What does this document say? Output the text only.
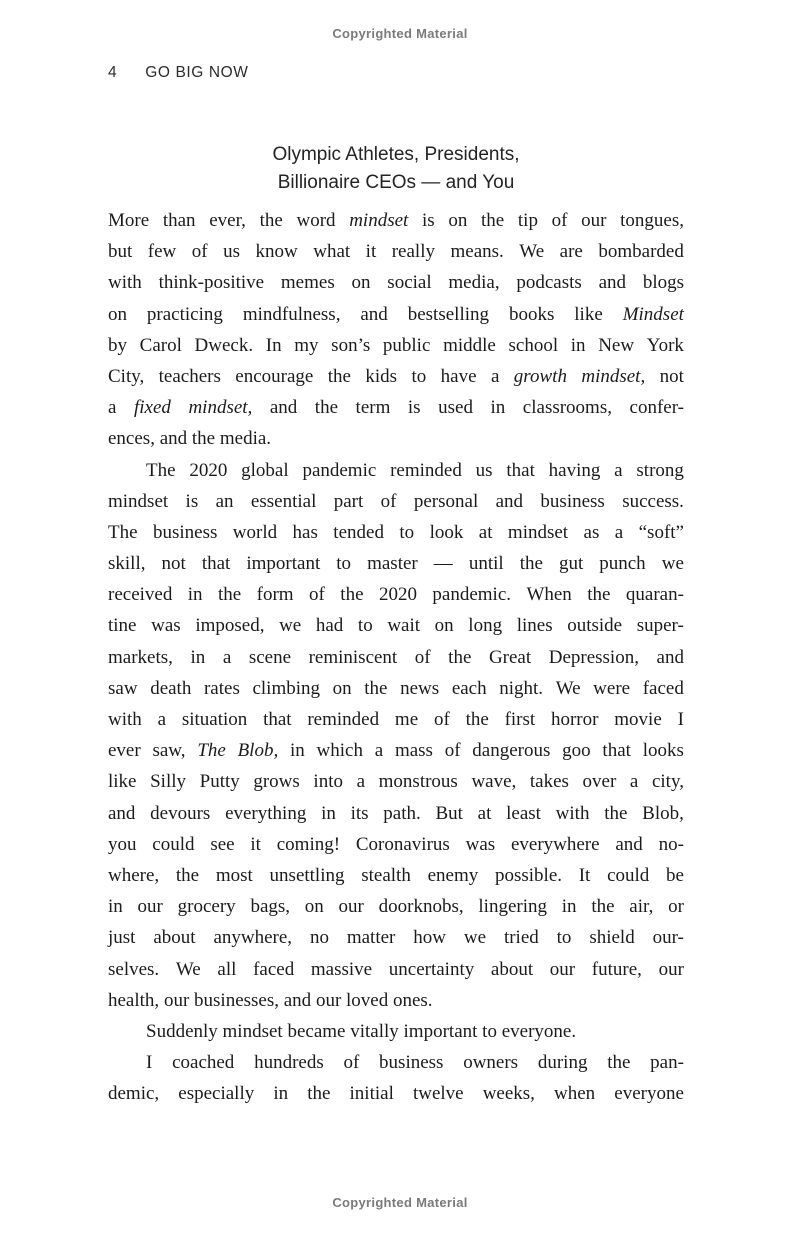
Copyrighted Material
4 GO BIG NOW
Olympic Athletes, Presidents,
Billionaire CEOs — and You
More than ever, the word mindset is on the tip of our tongues,
but few of us know what it really means. We are bombarded
with think-positive memes on social media, podcasts and blogs
on practicing mindfulness, and bestselling books like Mindset
by Carol Dweck. In my son’s public middle school in New York
City, teachers encourage the kids to have a growth mindset, not
a fixed mindset, and the term is used in classrooms, confer-
ences, and the media.
The 2020 global pandemic reminded us that having a strong
mindset is an essential part of personal and business success.
The business world has tended to look at mindset as a “soft”
skill, not that important to master — until the gut punch we
received in the form of the 2020 pandemic. When the quaran-
tine was imposed, we had to wait on long lines outside super-
markets, in a scene reminiscent of the Great Depression, and
saw death rates climbing on the news each night. We were faced
with a situation that reminded me of the first horror movie I
ever saw, The Blob, in which a mass of dangerous goo that looks
like Silly Putty grows into a monstrous wave, takes over a city,
and devours everything in its path. But at least with the Blob,
you could see it coming! Coronavirus was everywhere and no-
where, the most unsettling stealth enemy possible. It could be
in our grocery bags, on our doorknobs, lingering in the air, or
just about anywhere, no matter how we tried to shield our-
selves. We all faced massive uncertainty about our future, our
health, our businesses, and our loved ones.
Suddenly mindset became vitally important to everyone.
I coached hundreds of business owners during the pan-
demic, especially in the initial twelve weeks, when everyone
Copyrighted Material
